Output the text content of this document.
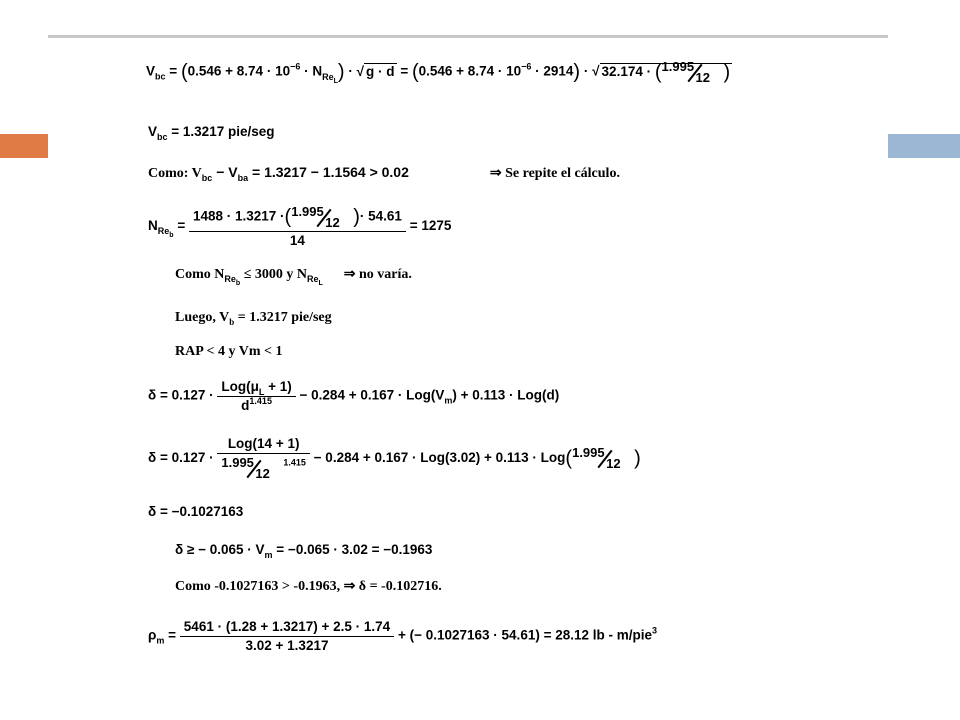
$V_{bc} = (0.546 + 8.74 \cdot 10^{-6} \cdot N_{Re_L})$ · √ $g \cdot d = (0.546 + 8.74 \cdot 10^{-6} \cdot 2914)$ · √ 32.174 · ( 1.995
12 )
$V_{bc} = 1.3217$ pie/seg
Como: $V_{bc} - V_{ba} = 1.3217 - 1.1564 > 0.02$	⇒ Se repite el cálculo.
$N_{Re_b} = 1488 \cdot 1.3217$ ·( 1.995
12 )· 54.61
14 = 1275
Como $N_{Re_b} \le 3000$ y $N_{Re_L}$  ⇒ no varía.
Luego, $V_b = 1.3217$ pie/seg
RAP < 4 y Vm < 1
$\delta = 0.127 \cdot \frac{Log(\mu_L + 1)}{d^{1.415}} - 0.284 + 0.167 \cdot Log(V_m) + 0.113 \cdot Log(d)$
δ = 0.127 · Log(14 + 1)
1.995
12
$^{1.415}$ − 0.284 + 0.167 · Log(3.02) + 0.113 · Log( 1.995
12 )
δ = −0.1027163
δ ≥ − $0.065 \cdot V_m = -0.065 \cdot 3.02 = -0.1963$
Como -0.1027163 > -0.1963, ⇒ δ = -0.102716.
$\rho_m = \frac{5461 \cdot (1.28 + 1.3217) + 2.5 \cdot 1.74}{3.02 + 1.3217}$ + (− 0.1027163 · 54.61) = 28.12 lb - m/pie$^3$
